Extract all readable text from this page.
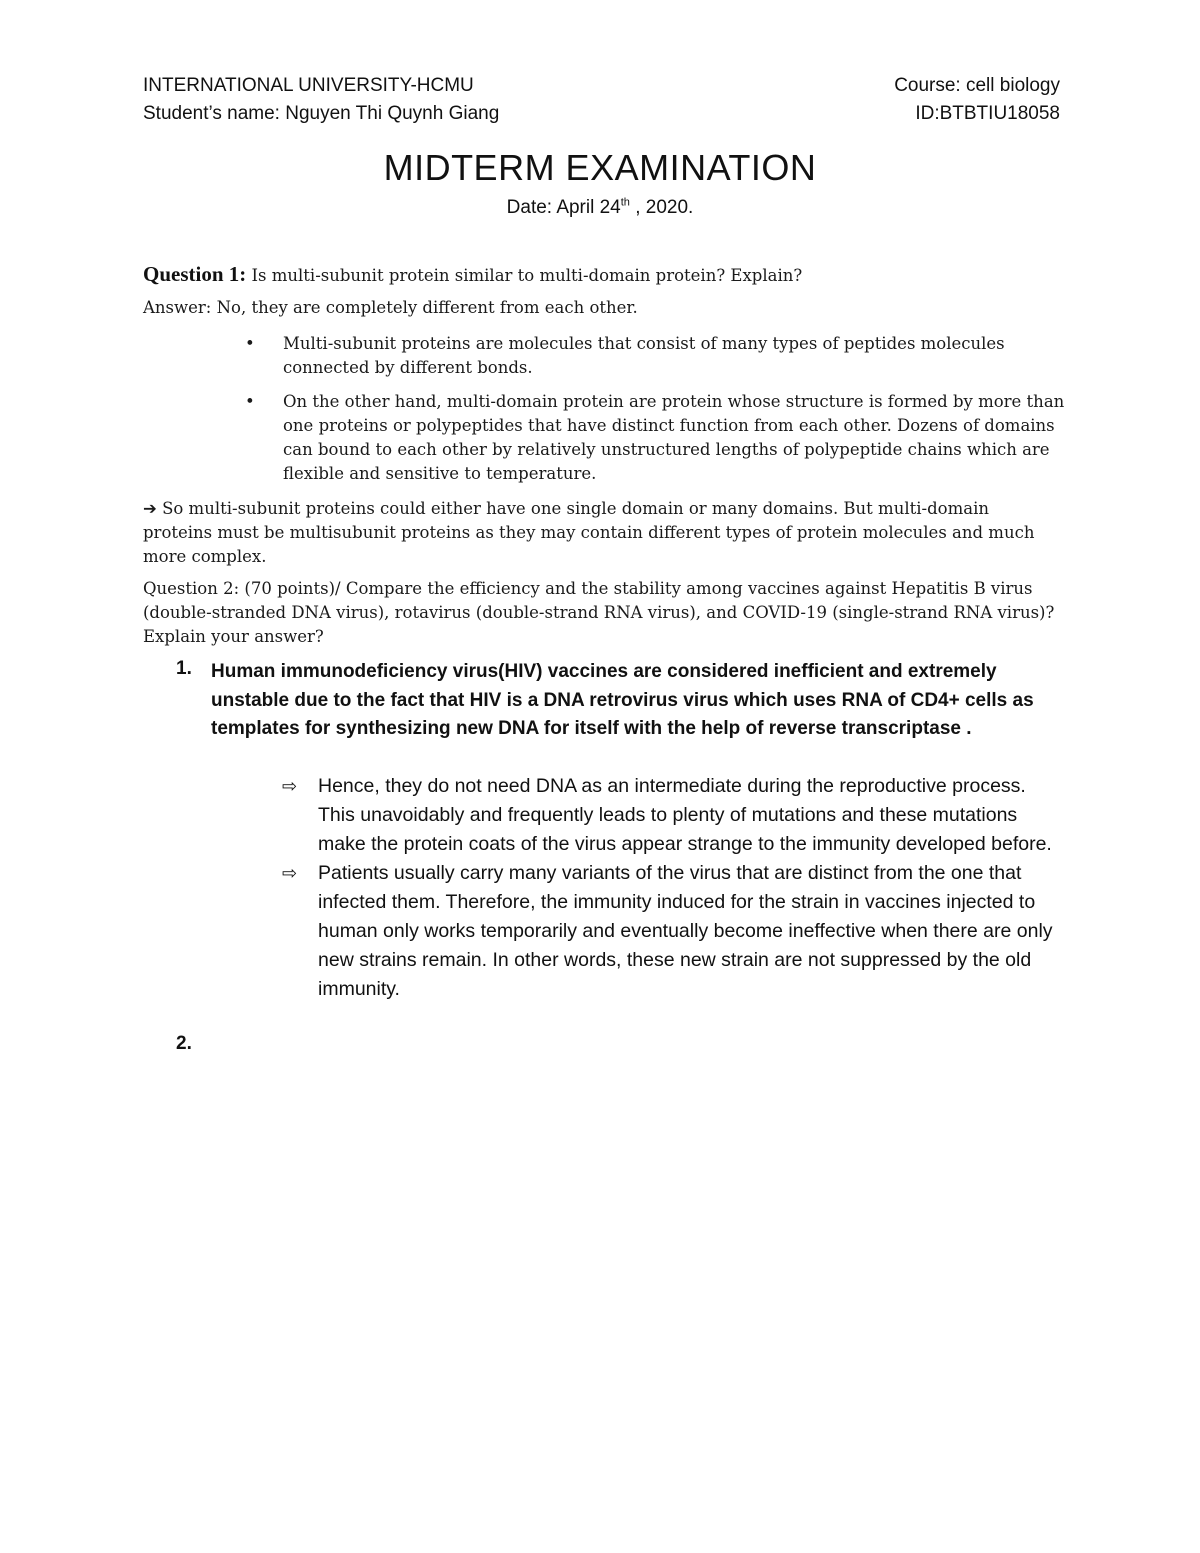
INTERNATIONAL UNIVERSITY-HCMU	Course: cell biology
Student’s name: Nguyen Thi Quynh Giang	ID:BTBTIU18058
MIDTERM EXAMINATION
Date: April 24th , 2020.
Question 1: Is multi-subunit protein similar to multi-domain protein? Explain?
Answer: No, they are completely different from each other.
• Multi-subunit proteins are molecules that consist of many types of peptides molecules connected by different bonds.
• On the other hand, multi-domain protein are protein whose structure is formed by more than one proteins or polypeptides that have distinct function from each other. Dozens of domains can bound to each other by relatively unstructured lengths of polypeptide chains which are flexible and sensitive to temperature.
➔ So multi-subunit proteins could either have one single domain or many domains. But multi-domain proteins must be multisubunit proteins as they may contain different types of protein molecules and much more complex.
Question 2: (70 points)/ Compare the efficiency and the stability among vaccines against Hepatitis B virus (double-stranded DNA virus), rotavirus (double-strand RNA virus), and COVID-19 (single-strand RNA virus)? Explain your answer?
1. Human immunodeficiency virus(HIV) vaccines are considered inefficient and extremely unstable due to the fact that HIV is a DNA retrovirus virus which uses RNA of CD4+ cells as templates for synthesizing new DNA for itself with the help of reverse transcriptase .
⇨ Hence, they do not need DNA as an intermediate during the reproductive process. This unavoidably and frequently leads to plenty of mutations and these mutations make the protein coats of the virus appear strange to the immunity developed before.
⇨ Patients usually carry many variants of the virus that are distinct from the one that infected them. Therefore, the immunity induced for the strain in vaccines injected to human only works temporarily and eventually become ineffective when there are only new strains remain. In other words, these new strain are not suppressed by the old immunity.
2.
